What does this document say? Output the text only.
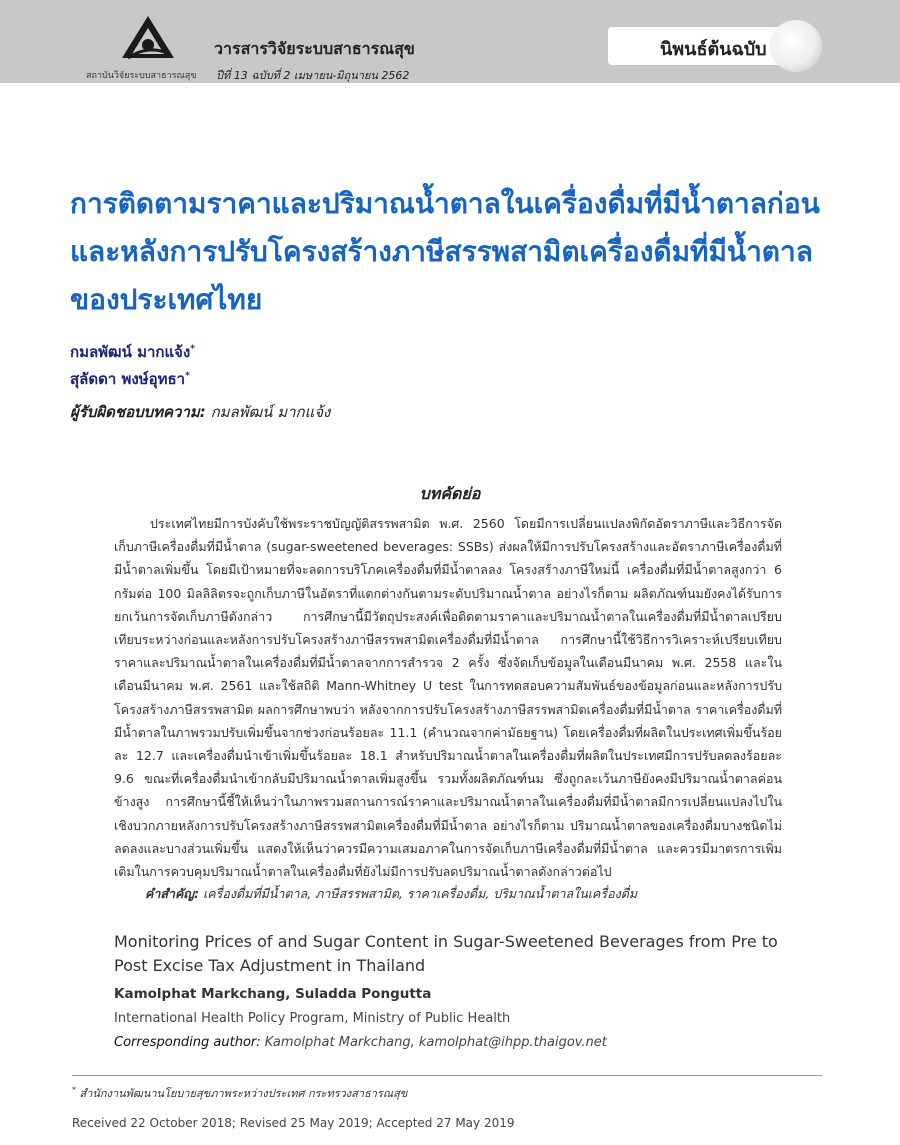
สถาบันวิจัยระบบสาธารณสุข
วารสารวิจัยระบบสาธารณสุข
ปีที่ 13 ฉบับที่ 2 เมษายน-มิถุนายน 2562
นิพนธ์ต้นฉบับ
การติดตามราคาและปริมาณน้ำตาลในเครื่องดื่มที่มีน้ำตาลก่อนและหลังการปรับโครงสร้างภาษีสรรพสามิตเครื่องดื่มที่มีน้ำตาลของประเทศไทย
กมลพัฒน์ มากแจ้ง*
สุลัดดา พงษ์อุทธา*
ผู้รับผิดชอบบทความ: กมลพัฒน์ มากแจ้ง
บทคัดย่อ

ประเทศไทยมีการบังคับใช้พระราชบัญญัติสรรพสามิต พ.ศ. 2560 โดยมีการเปลี่ยนแปลงพิกัดอัตราภาษีและวิธีการจัดเก็บภาษีเครื่องดื่มที่มีน้ำตาล (sugar-sweetened beverages: SSBs) ส่งผลให้มีการปรับโครงสร้างและอัตราภาษีเครื่องดื่มที่มีน้ำตาลเพิ่มขึ้น โดยมีเป้าหมายที่จะลดการบริโภคเครื่องดื่มที่มีน้ำตาลลง โครงสร้างภาษีใหม่นี้ เครื่องดื่มที่มีน้ำตาลสูงกว่า 6 กรัมต่อ 100 มิลลิลิตรจะถูกเก็บภาษีในอัตราที่แตกต่างกันตามระดับปริมาณน้ำตาล อย่างไรก็ตาม ผลิตภัณฑ์นมยังคงได้รับการยกเว้นการจัดเก็บภาษีดังกล่าว การศึกษานี้มีวัตถุประสงค์เพื่อติดตามราคาและปริมาณน้ำตาลในเครื่องดื่มที่มีน้ำตาลเปรียบเทียบระหว่างก่อนและหลังการปรับโครงสร้างภาษีสรรพสามิตเครื่องดื่มที่มีน้ำตาล การศึกษานี้ใช้วิธีการวิเคราะห์เปรียบเทียบราคาและปริมาณน้ำตาลในเครื่องดื่มที่มีน้ำตาลจากการสำรวจ 2 ครั้ง ซึ่งจัดเก็บข้อมูลในเดือนมีนาคม พ.ศ. 2558 และในเดือนมีนาคม พ.ศ. 2561 และใช้สถิติ Mann-Whitney U test ในการทดสอบความสัมพันธ์ของข้อมูลก่อนและหลังการปรับโครงสร้างภาษีสรรพสามิต ผลการศึกษาพบว่า หลังจากการปรับโครงสร้างภาษีสรรพสามิตเครื่องดื่มที่มีน้ำตาล ราคาเครื่องดื่มที่มีน้ำตาลในภาพรวมปรับเพิ่มขึ้นจากช่วงก่อนร้อยละ 11.1 (คำนวณจากค่ามัธยฐาน) โดยเครื่องดื่มที่ผลิตในประเทศเพิ่มขึ้นร้อยละ 12.7 และเครื่องดื่มนำเข้าเพิ่มขึ้นร้อยละ 18.1 สำหรับปริมาณน้ำตาลในเครื่องดื่มที่ผลิตในประเทศมีการปรับลดลงร้อยละ 9.6 ขณะที่เครื่องดื่มนำเข้ากลับมีปริมาณน้ำตาลเพิ่มสูงขึ้น รวมทั้งผลิตภัณฑ์นม ซึ่งถูกละเว้นภาษียังคงมีปริมาณน้ำตาลค่อนข้างสูง การศึกษานี้ชี้ให้เห็นว่าในภาพรวมสถานการณ์ราคาและปริมาณน้ำตาลในเครื่องดื่มที่มีน้ำตาลมีการเปลี่ยนแปลงไปในเชิงบวกภายหลังการปรับโครงสร้างภาษีสรรพสามิตเครื่องดื่มที่มีน้ำตาล อย่างไรก็ตาม ปริมาณน้ำตาลของเครื่องดื่มบางชนิดไม่ลดลงและบางส่วนเพิ่มขึ้น แสดงให้เห็นว่าควรมีความเสมอภาคในการจัดเก็บภาษีเครื่องดื่มที่มีน้ำตาล และควรมีมาตรการเพิ่มเติมในการควบคุมปริมาณน้ำตาลในเครื่องดื่มที่ยังไม่มีการปรับลดปริมาณน้ำตาลดังกล่าวต่อไป

คำสำคัญ: เครื่องดื่มที่มีน้ำตาล, ภาษีสรรพสามิต, ราคาเครื่องดื่ม, ปริมาณน้ำตาลในเครื่องดื่ม
Monitoring Prices of and Sugar Content in Sugar-Sweetened Beverages from Pre to Post Excise Tax Adjustment in Thailand
Kamolphat Markchang, Suladda Pongutta
International Health Policy Program, Ministry of Public Health
Corresponding author: Kamolphat Markchang, kamolphat@ihpp.thaigov.net
* สำนักงานพัฒนานโยบายสุขภาพระหว่างประเทศ กระทรวงสาธารณสุข
Received 22 October 2018; Revised 25 May 2019; Accepted 27 May 2019
